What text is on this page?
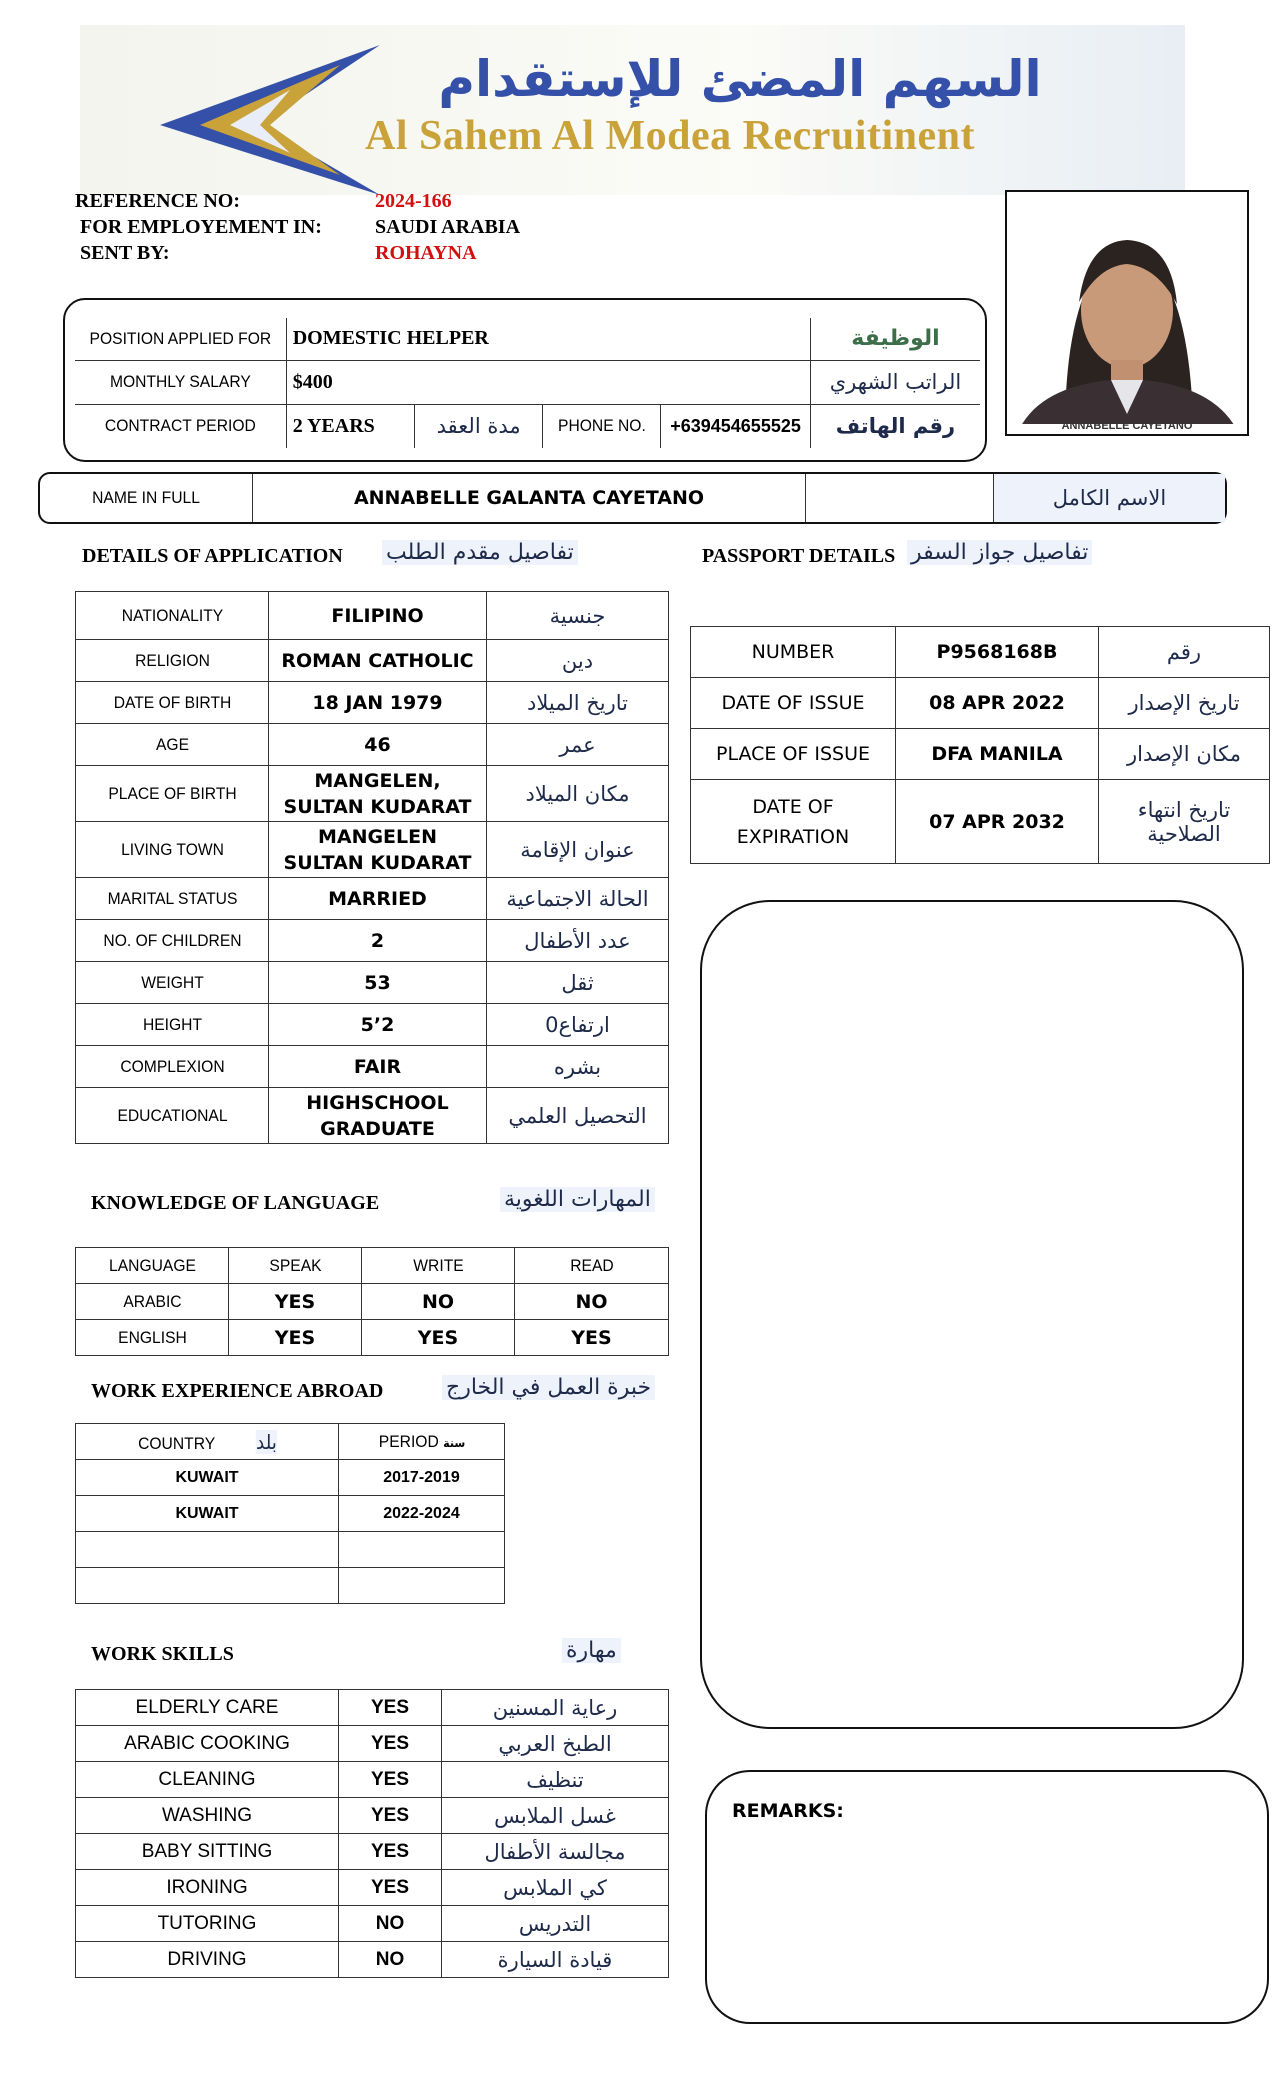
السهم المضئ للإستقدام
Al Sahem Al Modea Recruitinent
REFERENCE NO:	2024-166
FOR EMPLOYEMENT IN:	SAUDI ARABIA
SENT BY:	ROHAYNA
ANNABELLE CAYETANO
POSITION APPLIED FOR	DOMESTIC HELPER				الوظيفة
MONTHLY SALARY	$400				الراتب الشهري
CONTRACT PERIOD	2 YEARS	مدة العقد	PHONE NO.	+639454655525	رقم الهاتف
NAME IN FULL	ANNABELLE GALANTA CAYETANO		الاسم الكامل
DETAILS OF APPLICATION تفاصيل مقدم الطلب
NATIONALITY	FILIPINO	جنسية
RELIGION	ROMAN CATHOLIC	دين
DATE OF BIRTH	18 JAN 1979	تاريخ الميلاد
AGE	46	عمر
PLACE OF BIRTH	MANGELEN, SULTAN KUDARAT	مكان الميلاد
LIVING TOWN	MANGELEN SULTAN KUDARAT	عنوان الإقامة
MARITAL STATUS	MARRIED	الحالة الاجتماعية
NO. OF CHILDREN	2	عدد الأطفال
WEIGHT	53	ثقل
HEIGHT	5’2	ارتفاع0
COMPLEXION	FAIR	بشره
EDUCATIONAL	HIGHSCHOOL GRADUATE	التحصيل العلمي
PASSPORT DETAILS تفاصيل جواز السفر
NUMBER	P9568168B	رقم
DATE OF ISSUE	08 APR 2022	تاريخ الإصدار
PLACE OF ISSUE	DFA MANILA	مكان الإصدار
DATE OF EXPIRATION	07 APR 2032	تاريخ انتهاء الصلاحية
REMARKS:
KNOWLEDGE OF LANGUAGE	المهارات اللغوية
LANGUAGE	SPEAK	WRITE	READ
ARABIC	YES	NO	NO
ENGLISH	YES	YES	YES
WORK EXPERIENCE ABROAD	خبرة العمل في الخارج
COUNTRY بلد	PERIOD سنة
KUWAIT	2017-2019
KUWAIT	2022-2024

WORK SKILLS	مهارة
ELDERLY CARE	YES	رعاية المسنين
ARABIC COOKING	YES	الطبخ العربي
CLEANING	YES	تنظيف
WASHING	YES	غسل الملابس
BABY SITTING	YES	مجالسة الأطفال
IRONING	YES	كي الملابس
TUTORING	NO	التدريس
DRIVING	NO	قيادة السيارة
